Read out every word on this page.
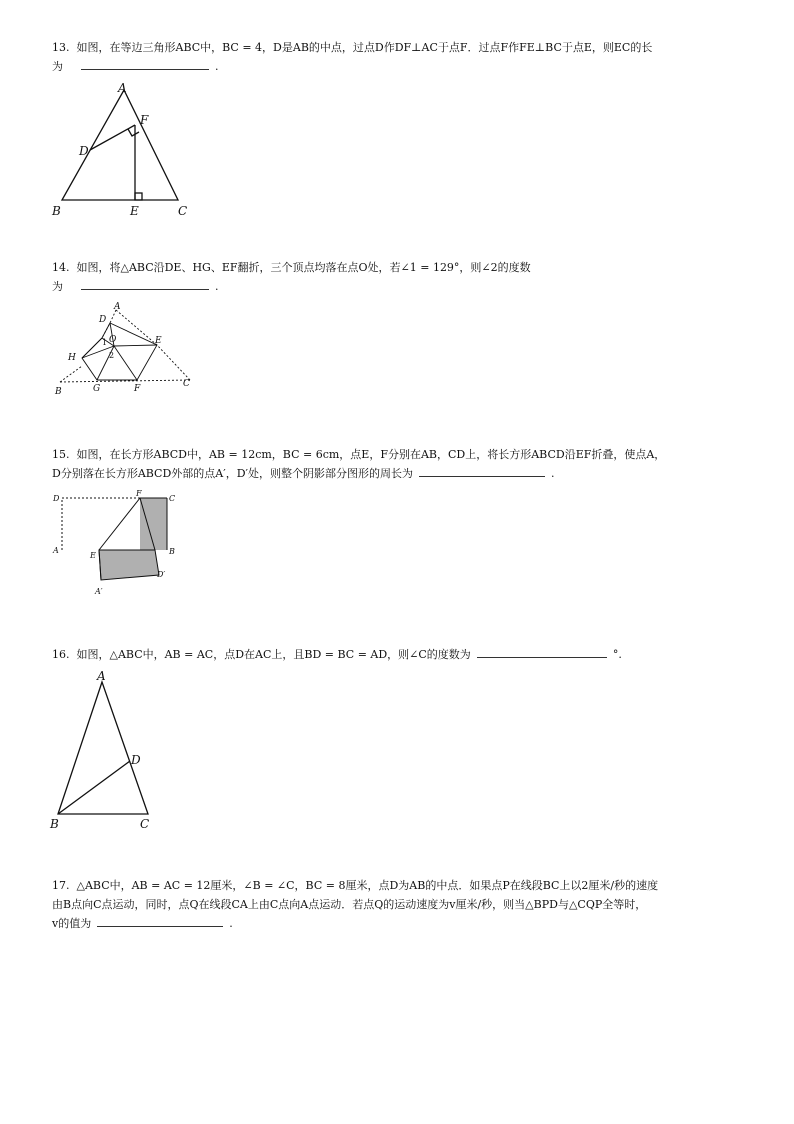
13. 如图，在等边三角形ABC中，BC = 4，D是AB的中点，过点D作DF⊥AC于点F．过点F作FE⊥BC于点E，则EC的长

为	.

A
B	C
D
E
F

14. 如图，将△ABC沿DE、HG、EF翻折，三个顶点均落在点O处，若∠1 = 129°，则∠2的度数

为	.

A
B
C
D
E
F
G
H
O
1
2

15. 如图，在长方形ABCD中，AB = 12cm，BC = 6cm，点E，F分别在AB，CD上，将长方形ABCD沿EF折叠，使点A，

D分别落在长方形ABCD外部的点A′，D′处，则整个阴影部分图形的周长为	.

D
A
F
C
B
E
D′
A′

16. 如图，△ABC中，AB = AC，点D在AC上，且BD = BC = AD，则∠C的度数为	°.

A
B	C
D

17. △ABC中，AB = AC = 12厘米，∠B = ∠C，BC = 8厘米，点D为AB的中点．如果点P在线段BC上以2厘米/秒的速度

由B点向C点运动，同时，点Q在线段CA上由C点向A点运动．若点Q的运动速度为v厘米/秒，则当△BPD与△CQP全等时，

v的值为	.
